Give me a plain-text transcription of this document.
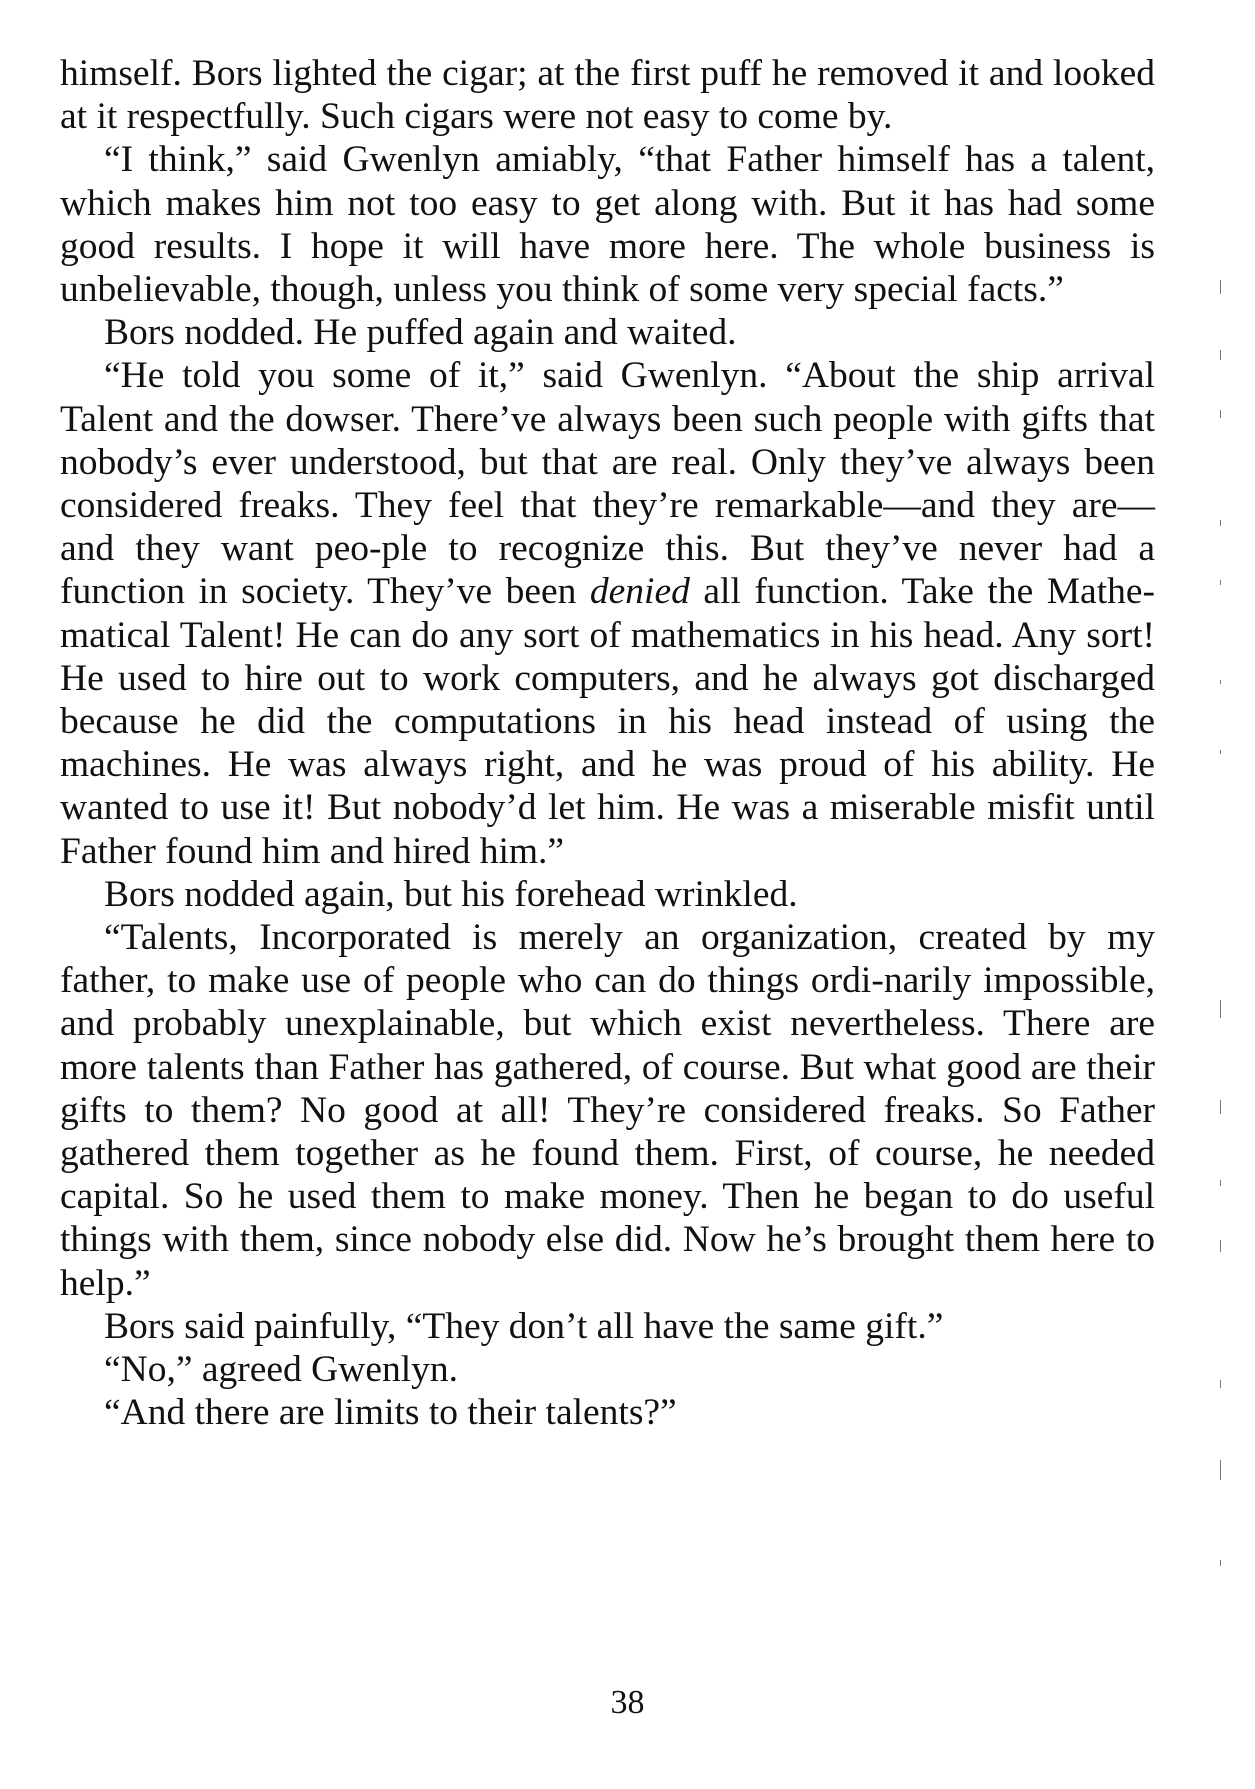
himself. Bors lighted the cigar; at the first puff he removed it and looked at it respectfully. Such cigars were not easy to come by.

“I think,” said Gwenlyn amiably, “that Father himself has a talent, which makes him not too easy to get along with. But it has had some good results. I hope it will have more here. The whole business is unbelievable, though, unless you think of some very special facts.”

Bors nodded. He puffed again and waited.

“He told you some of it,” said Gwenlyn. “About the ship arrival Talent and the dowser. There’ve always been such people with gifts that nobody’s ever understood, but that are real. Only they’ve always been considered freaks. They feel that they’re remarkable—and they are—and they want peo-ple to recognize this. But they’ve never had a function in society. They’ve been denied all function. Take the Mathe-matical Talent! He can do any sort of mathematics in his head. Any sort! He used to hire out to work computers, and he always got discharged because he did the computations in his head instead of using the machines. He was always right, and he was proud of his ability. He wanted to use it! But nobody’d let him. He was a miserable misfit until Father found him and hired him.”

Bors nodded again, but his forehead wrinkled.

“Talents, Incorporated is merely an organization, created by my father, to make use of people who can do things ordi-narily impossible, and probably unexplainable, but which exist nevertheless. There are more talents than Father has gathered, of course. But what good are their gifts to them? No good at all! They’re considered freaks. So Father gathered them together as he found them. First, of course, he needed capital. So he used them to make money. Then he began to do useful things with them, since nobody else did. Now he’s brought them here to help.”

Bors said painfully, “They don’t all have the same gift.”

“No,” agreed Gwenlyn.

“And there are limits to their talents?”

38
